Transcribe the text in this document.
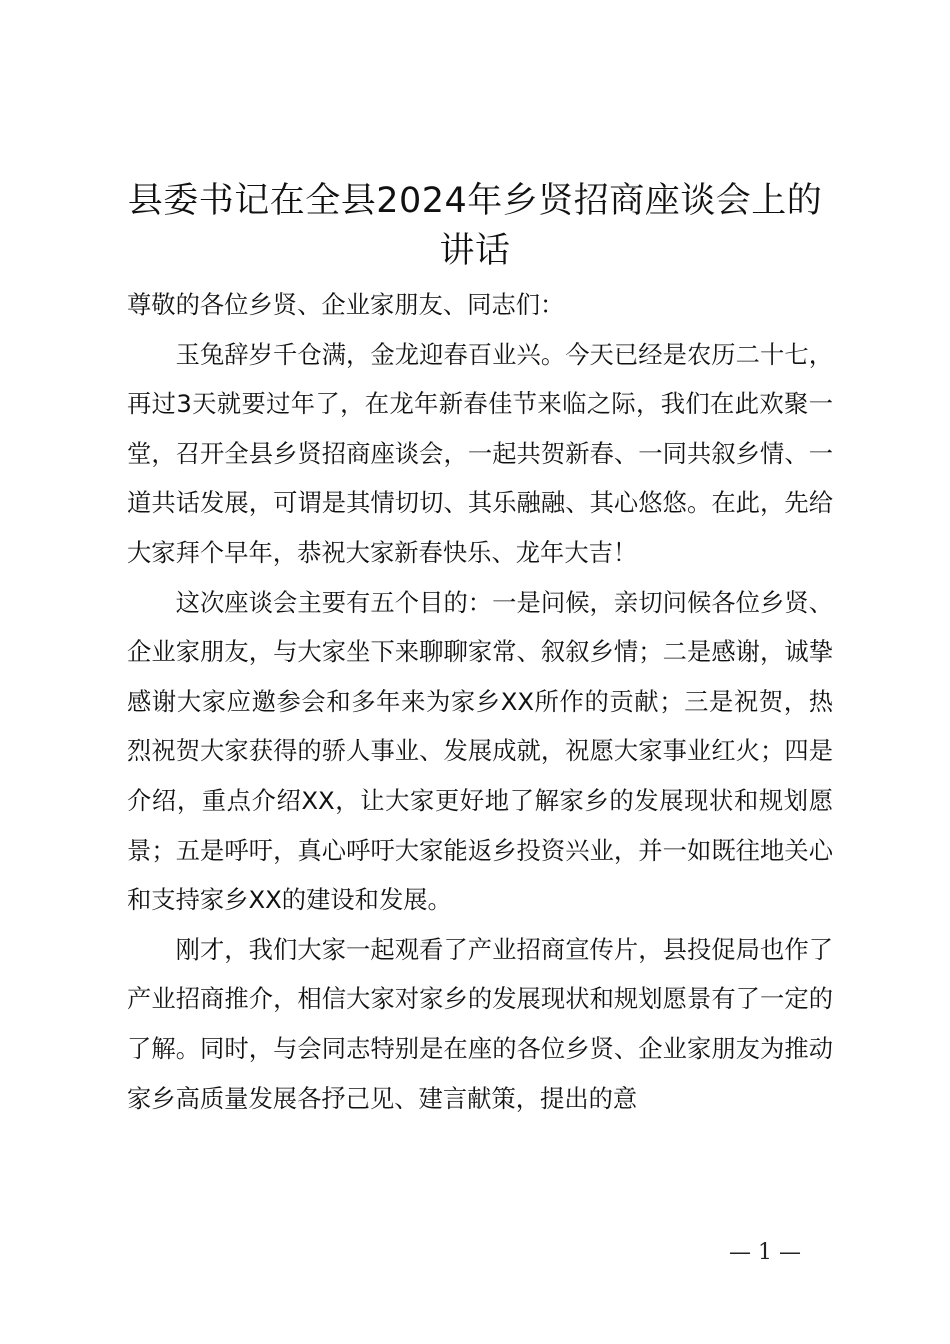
县委书记在全县2024年乡贤招商座谈会上的
讲话

尊敬的各位乡贤、企业家朋友、同志们：

玉兔辞岁千仓满，金龙迎春百业兴。今天已经是农历二十七，再过3天就要过年了，在龙年新春佳节来临之际，我们在此欢聚一堂，召开全县乡贤招商座谈会，一起共贺新春、一同共叙乡情、一道共话发展，可谓是其情切切、其乐融融、其心悠悠。在此，先给大家拜个早年，恭祝大家新春快乐、龙年大吉！

这次座谈会主要有五个目的：一是问候，亲切问候各位乡贤、企业家朋友，与大家坐下来聊聊家常、叙叙乡情；二是感谢，诚挚感谢大家应邀参会和多年来为家乡XX所作的贡献；三是祝贺，热烈祝贺大家获得的骄人事业、发展成就，祝愿大家事业红火；四是介绍，重点介绍XX，让大家更好地了解家乡的发展现状和规划愿景；五是呼吁，真心呼吁大家能返乡投资兴业，并一如既往地关心和支持家乡XX的建设和发展。

刚才，我们大家一起观看了产业招商宣传片，县投促局也作了产业招商推介，相信大家对家乡的发展现状和规划愿景有了一定的了解。同时，与会同志特别是在座的各位乡贤、企业家朋友为推动家乡高质量发展各抒己见、建言献策，提出的意

— 1 —
